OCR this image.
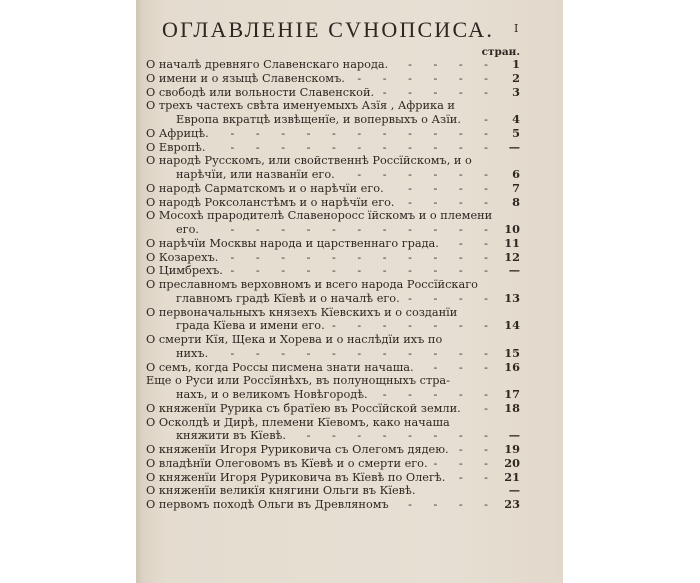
ОГЛАВЛЕНIЕ СVНОПСИСА. I
стран.
О началѣ древняго Славенскаго народа. -	1
О имени и о языцѣ Славенскомъ. -	2
О свободѣ или вольности Славенской. -	3
О трехъ частехъ свѣта именуемыхъ Азїя , Африка и
Европа вкратцѣ извѣщенїе, и вопервыхъ о Азїи. -	4
О Африцѣ. -	5
О Европѣ. -	—
О народѣ Русскомъ, или свойственнѣ Россїйскомъ, и о
нарѣчїи, или названїи его. -	6
О народѣ Сарматскомъ и о нарѣчїи его. -	7
О народѣ Роксоланстѣмъ и о нарѣчїи его. -	8
О Мосохѣ прародителѣ Славеноросс їйскомъ и о племени
его. -	10
О нарѣчїи Москвы народа и царственнаго града. -	11
О Козарехъ. -	12
О Цимбрехъ. -	—
О преславномъ верховномъ и всего народа Россїйскаго
главномъ градѣ Кїевѣ и о началѣ его. -	13
О первоначальныхъ князехъ Кїевскихъ и о созданїи
града Кїева и имени его. -	14
О смерти Кїя, Щека и Хорева и о наслѣдїи ихъ по
нихъ. -	15
О семъ, когда Россы писмена знати начаша. -	16
Еще о Руси или Россїянѣхъ, въ полунощныхъ стра-
нахъ, и о великомъ Новѣгородѣ. -	17
О княженїи Рурика съ братїею въ Россїйской земли. -	18
О Осколдѣ и Дирѣ, племени Кїевомъ, како начаша
княжити въ Кїевѣ. -	—
О княженїи Игоря Руриковича съ Олегомъ дядею. -	19
О владѣнїи Олеговомъ въ Кїевѣ и о смерти его. -	20
О княженїи Игоря Руриковича въ Кїевѣ по Олегѣ. -	21
О княженїи великїя княгини Ольги въ Кїевѣ.	—
О первомъ походѣ Ольги въ Древляномъ -	23
